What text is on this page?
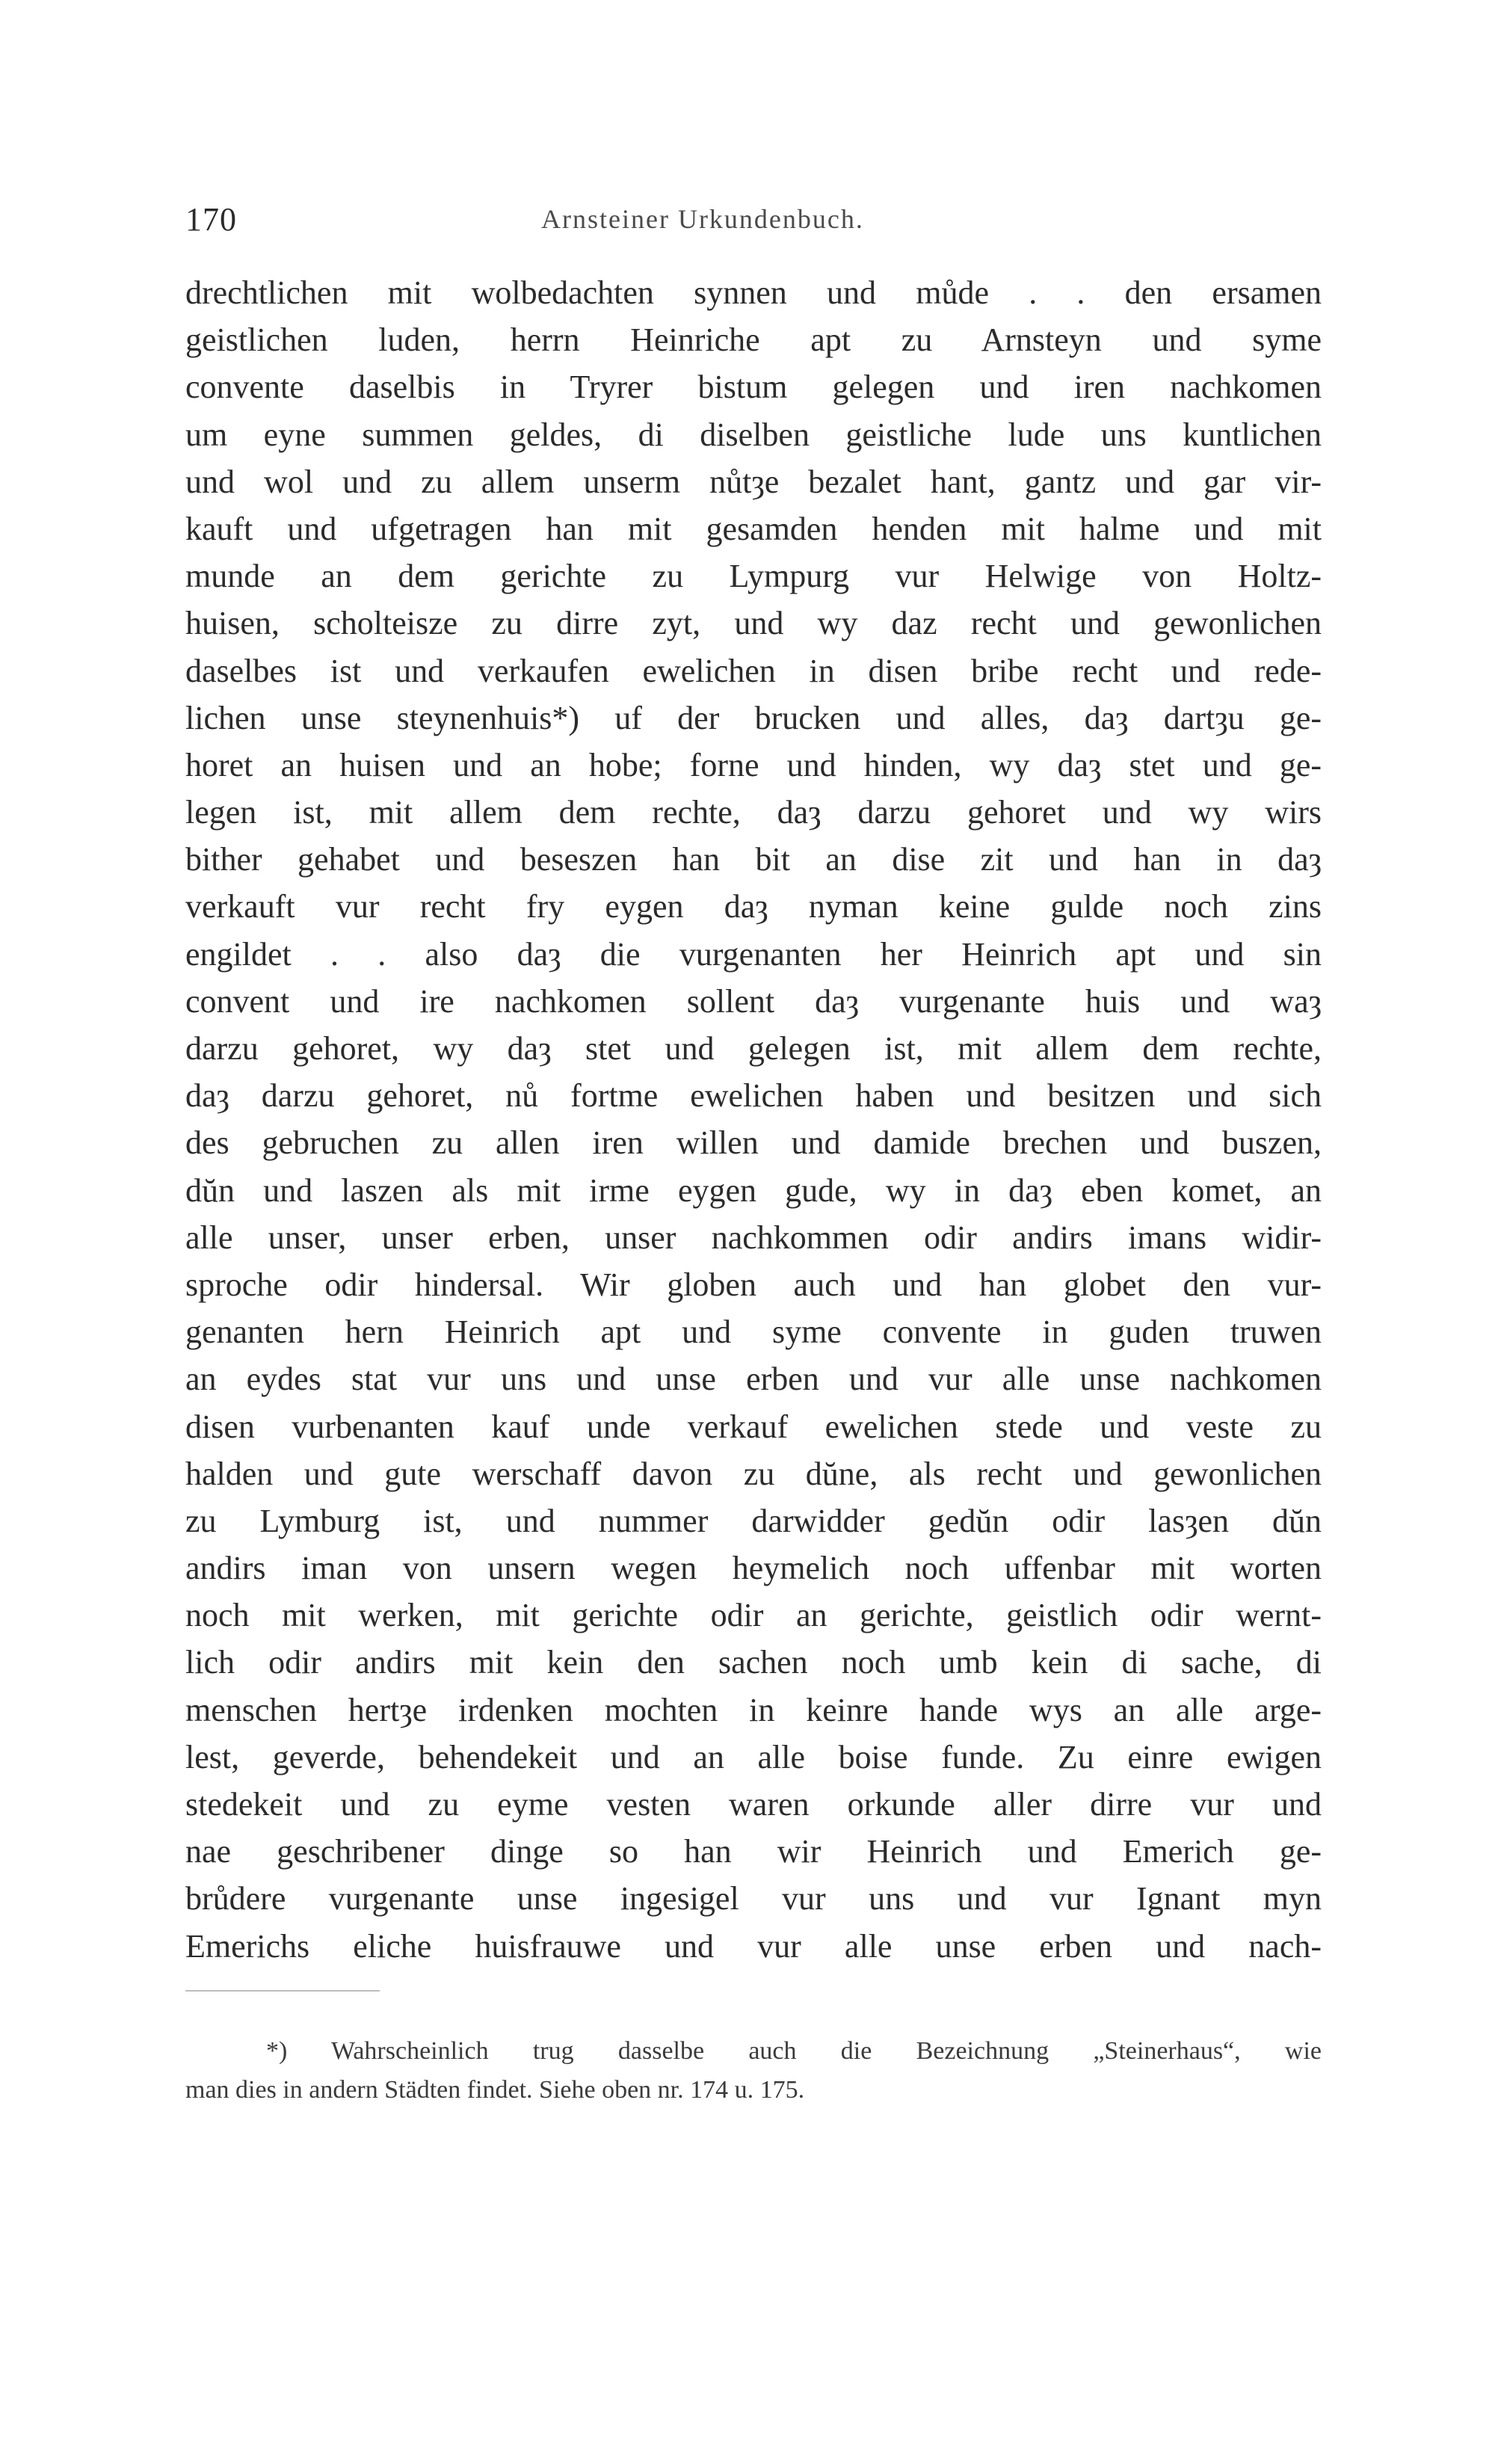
170	Arnsteiner Urkundenbuch.
drechtlichen mit wolbedachten synnen und můde . . den ersamen
geistlichen luden, herrn Heinriche apt zu Arnsteyn und syme
convente daselbis in Tryrer bistum gelegen und iren nachkomen
um eyne summen geldes, di diselben geistliche lude uns kuntlichen
und wol und zu allem unserm nůtȝe bezalet hant, gantz und gar vir-
kauft und ufgetragen han mit gesamden henden mit halme und mit
munde an dem gerichte zu Lympurg vur Helwige von Holtz-
huisen, scholteisze zu dirre zyt, und wy daz recht und gewonlichen
daselbes ist und verkaufen ewelichen in disen bribe recht und rede-
lichen unse steynenhuis*) uf der brucken und alles, daȝ dartȝu ge-
horet an huisen und an hobe; forne und hinden, wy daȝ stet und ge-
legen ist, mit allem dem rechte, daȝ darzu gehoret und wy wirs
bither gehabet und beseszen han bit an dise zit und han in daȝ
verkauft vur recht fry eygen daȝ nyman keine gulde noch zins
engildet . . also daȝ die vurgenanten her Heinrich apt und sin
convent und ire nachkomen sollent daȝ vurgenante huis und waȝ
darzu gehoret, wy daȝ stet und gelegen ist, mit allem dem rechte,
daȝ darzu gehoret, nů fortme ewelichen haben und besitzen und sich
des gebruchen zu allen iren willen und damide brechen und buszen,
dŭn und laszen als mit irme eygen gude, wy in daȝ eben komet, an
alle unser, unser erben, unser nachkommen odir andirs imans widir-
sproche odir hindersal. Wir globen auch und han globet den vur-
genanten hern Heinrich apt und syme convente in guden truwen
an eydes stat vur uns und unse erben und vur alle unse nachkomen
disen vurbenanten kauf unde verkauf ewelichen stede und veste zu
halden und gute werschaff davon zu dŭne, als recht und gewonlichen
zu Lymburg ist, und nummer darwidder gedŭn odir lasȝen dŭn
andirs iman von unsern wegen heymelich noch uffenbar mit worten
noch mit werken, mit gerichte odir an gerichte, geistlich odir wernt-
lich odir andirs mit kein den sachen noch umb kein di sache, di
menschen hertȝe irdenken mochten in keinre hande wys an alle arge-
lest, geverde, behendekeit und an alle boise funde. Zu einre ewigen
stedekeit und zu eyme vesten waren orkunde aller dirre vur und
nae geschribener dinge so han wir Heinrich und Emerich ge-
brůdere vurgenante unse ingesigel vur uns und vur Ignant myn
Emerichs eliche huisfrauwe und vur alle unse erben und nach-
*) Wahrscheinlich trug dasselbe auch die Bezeichnung „Steinerhaus“, wie
man dies in andern Städten findet. Siehe oben nr. 174 u. 175.
